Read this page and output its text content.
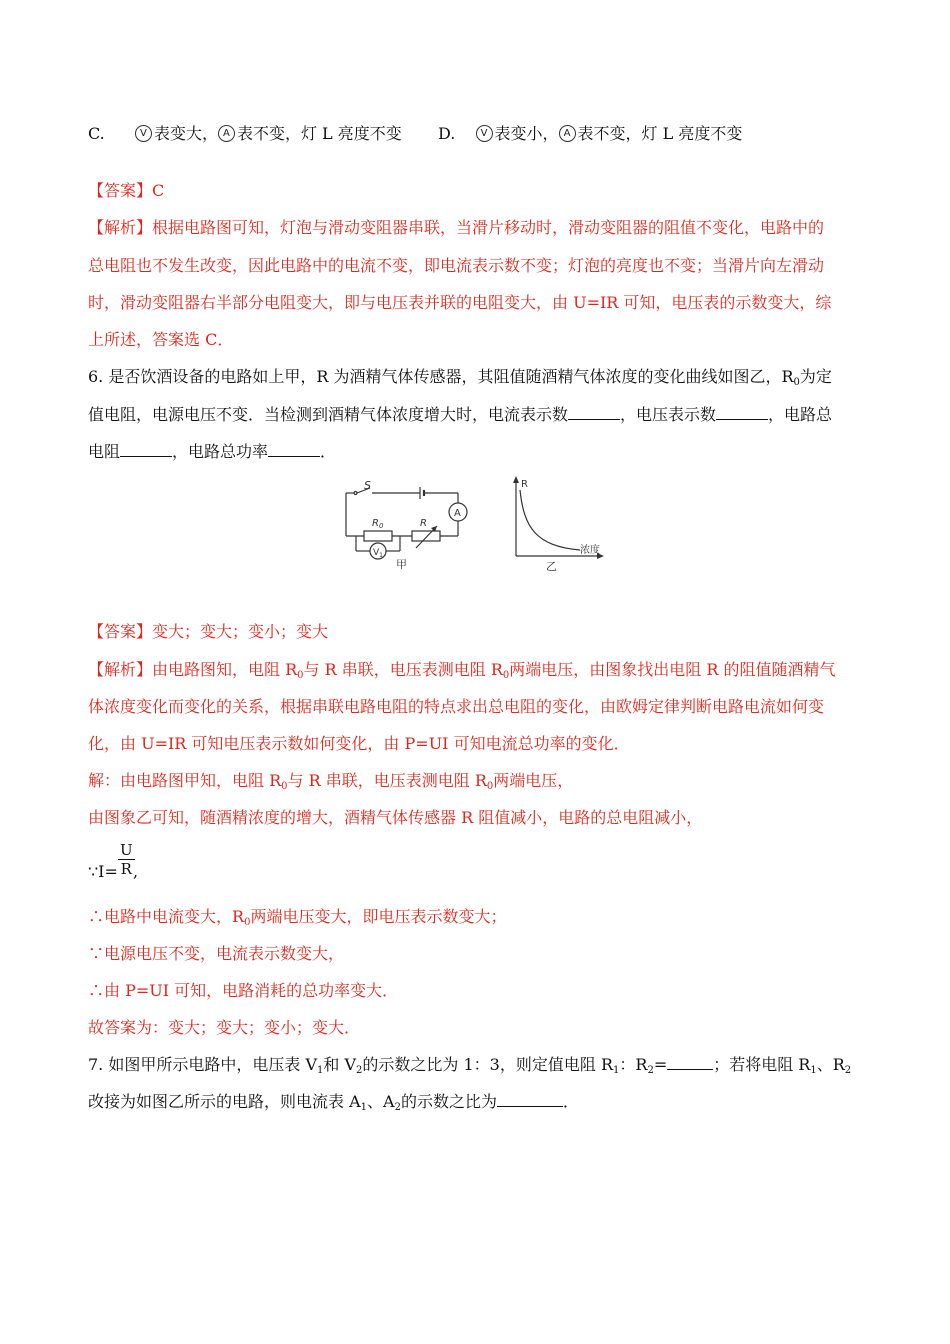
C.	V 表变大， A 表不变，灯 L 亮度不变 D.	V 表变小， A 表不变，灯 L 亮度不变
【答案】C
【解析】根据电路图可知，灯泡与滑动变阻器串联，当滑片移动时，滑动变阻器的阻值不变化，电路中的
总电阻也不发生改变，因此电路中的电流不变，即电流表示数不变；灯泡的亮度也不变；当滑片向左滑动
时，滑动变阻器右半部分电阻变大，即与电压表并联的电阻变大，由 U=IR 可知，电压表的示数变大，综
上所述，答案选 C．
6. 是否饮酒设备的电路如上甲，R 为酒精气体传感器，其阻值随酒精气体浓度的变化曲线如图乙，$R_0$为定
值电阻，电源电压不变．当检测到酒精气体浓度增大时，电流表示数	，电压表示数	，电路总
电阻	，电路总功率	．
S
$R_0$	R
A
$V_1$
甲
R
浓度
乙
【答案】变大；变大；变小；变大
【解析】由电路图知，电阻 $R_0$与 R 串联，电压表测电阻 $R_0$两端电压，由图象找出电阻 R 的阻值随酒精气
体浓度变化而变化的关系，根据串联电路电阻的特点求出总电阻的变化，由欧姆定律判断电路电流如何变
化，由 U=IR 可知电压表示数如何变化，由 P=UI 可知电流总功率的变化．
解：由电路图甲知，电阻 $R_0$与 R 串联，电压表测电阻 $R_0$两端电压，
由图象乙可知，随酒精浓度的增大，酒精气体传感器 R 阻值减小，电路的总电阻减小，
∵I= $\frac{U}{R}$
,
∴电路中电流变大，$R_0$两端电压变大，即电压表示数变大；
∵电源电压不变，电流表示数变大，
∴由 P=UI 可知，电路消耗的总功率变大．
故答案为：变大；变大；变小；变大．
7. 如图甲所示电路中，电压表 $V_1$和 $V_2$的示数之比为 1：3，则定值电阻 $R_1$：$R_2=$	；若将电阻 $R_1$、$R_2$
改接为如图乙所示的电路，则电流表 $A_1$、$A_2$的示数之比为	．
